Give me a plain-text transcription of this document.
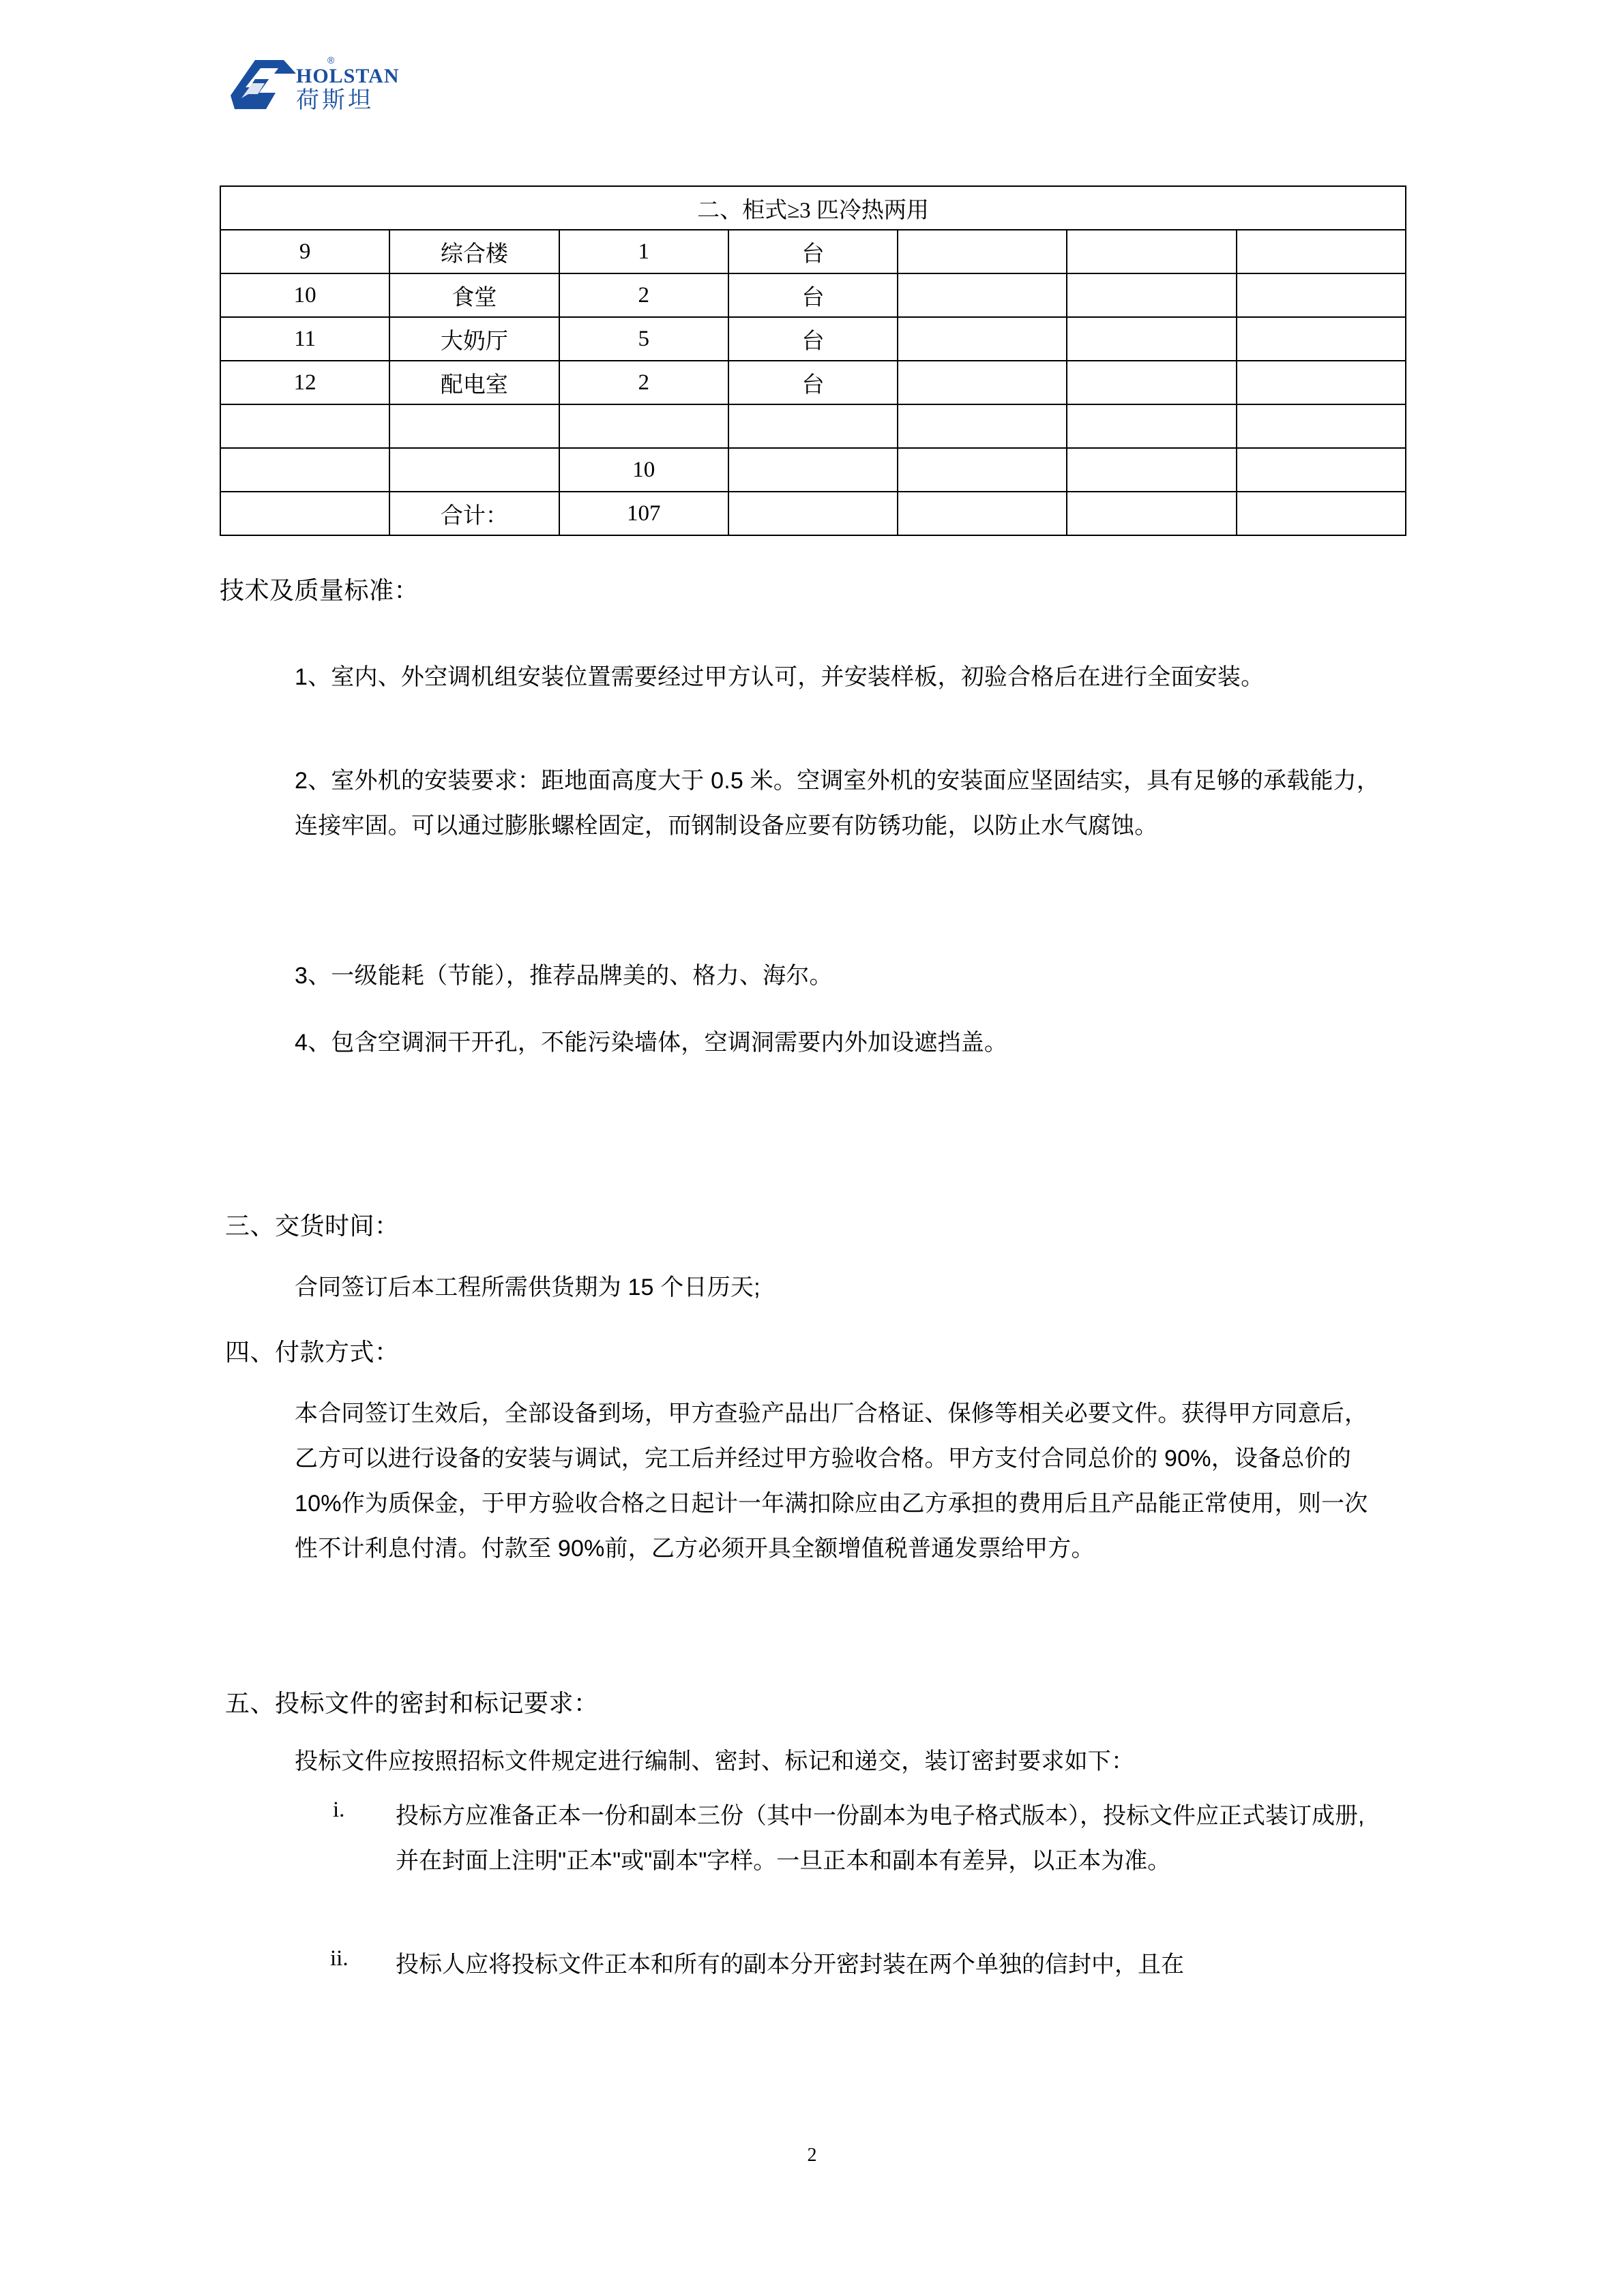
HOLSTAN
荷斯坦
®
二、柜式≥3 匹冷热两用						
9	综合楼	1	台			
10	食堂	2	台			
11	大奶厅	5	台			
12	配电室	2	台			

		10				
	合计：	107				
技术及质量标准：
1、室内、外空调机组安装位置需要经过甲方认可，并安装样板，初验合格后在进行全面安装。
2、室外机的安装要求：距地面高度大于 0.5 米。空调室外机的安装面应坚固结实，具有足够的承载能力，连接牢固。可以通过膨胀螺栓固定，而钢制设备应要有防锈功能，以防止水气腐蚀。
3、一级能耗（节能），推荐品牌美的、格力、海尔。
4、包含空调洞干开孔，不能污染墙体，空调洞需要内外加设遮挡盖。
三、交货时间：
合同签订后本工程所需供货期为 15 个日历天;
四、付款方式：
本合同签订生效后，全部设备到场，甲方查验产品出厂合格证、保修等相关必要文件。获得甲方同意后，乙方可以进行设备的安装与调试，完工后并经过甲方验收合格。甲方支付合同总价的 90%，设备总价的 10%作为质保金，于甲方验收合格之日起计一年满扣除应由乙方承担的费用后且产品能正常使用，则一次性不计利息付清。付款至 90%前，乙方必须开具全额增值税普通发票给甲方。
五、投标文件的密封和标记要求：
投标文件应按照招标文件规定进行编制、密封、标记和递交，装订密封要求如下：
i. 投标方应准备正本一份和副本三份（其中一份副本为电子格式版本），投标文件应正式装订成册,并在封面上注明"正本"或"副本"字样。一旦正本和副本有差异，以正本为准。
ii. 投标人应将投标文件正本和所有的副本分开密封装在两个单独的信封中，且在
2
